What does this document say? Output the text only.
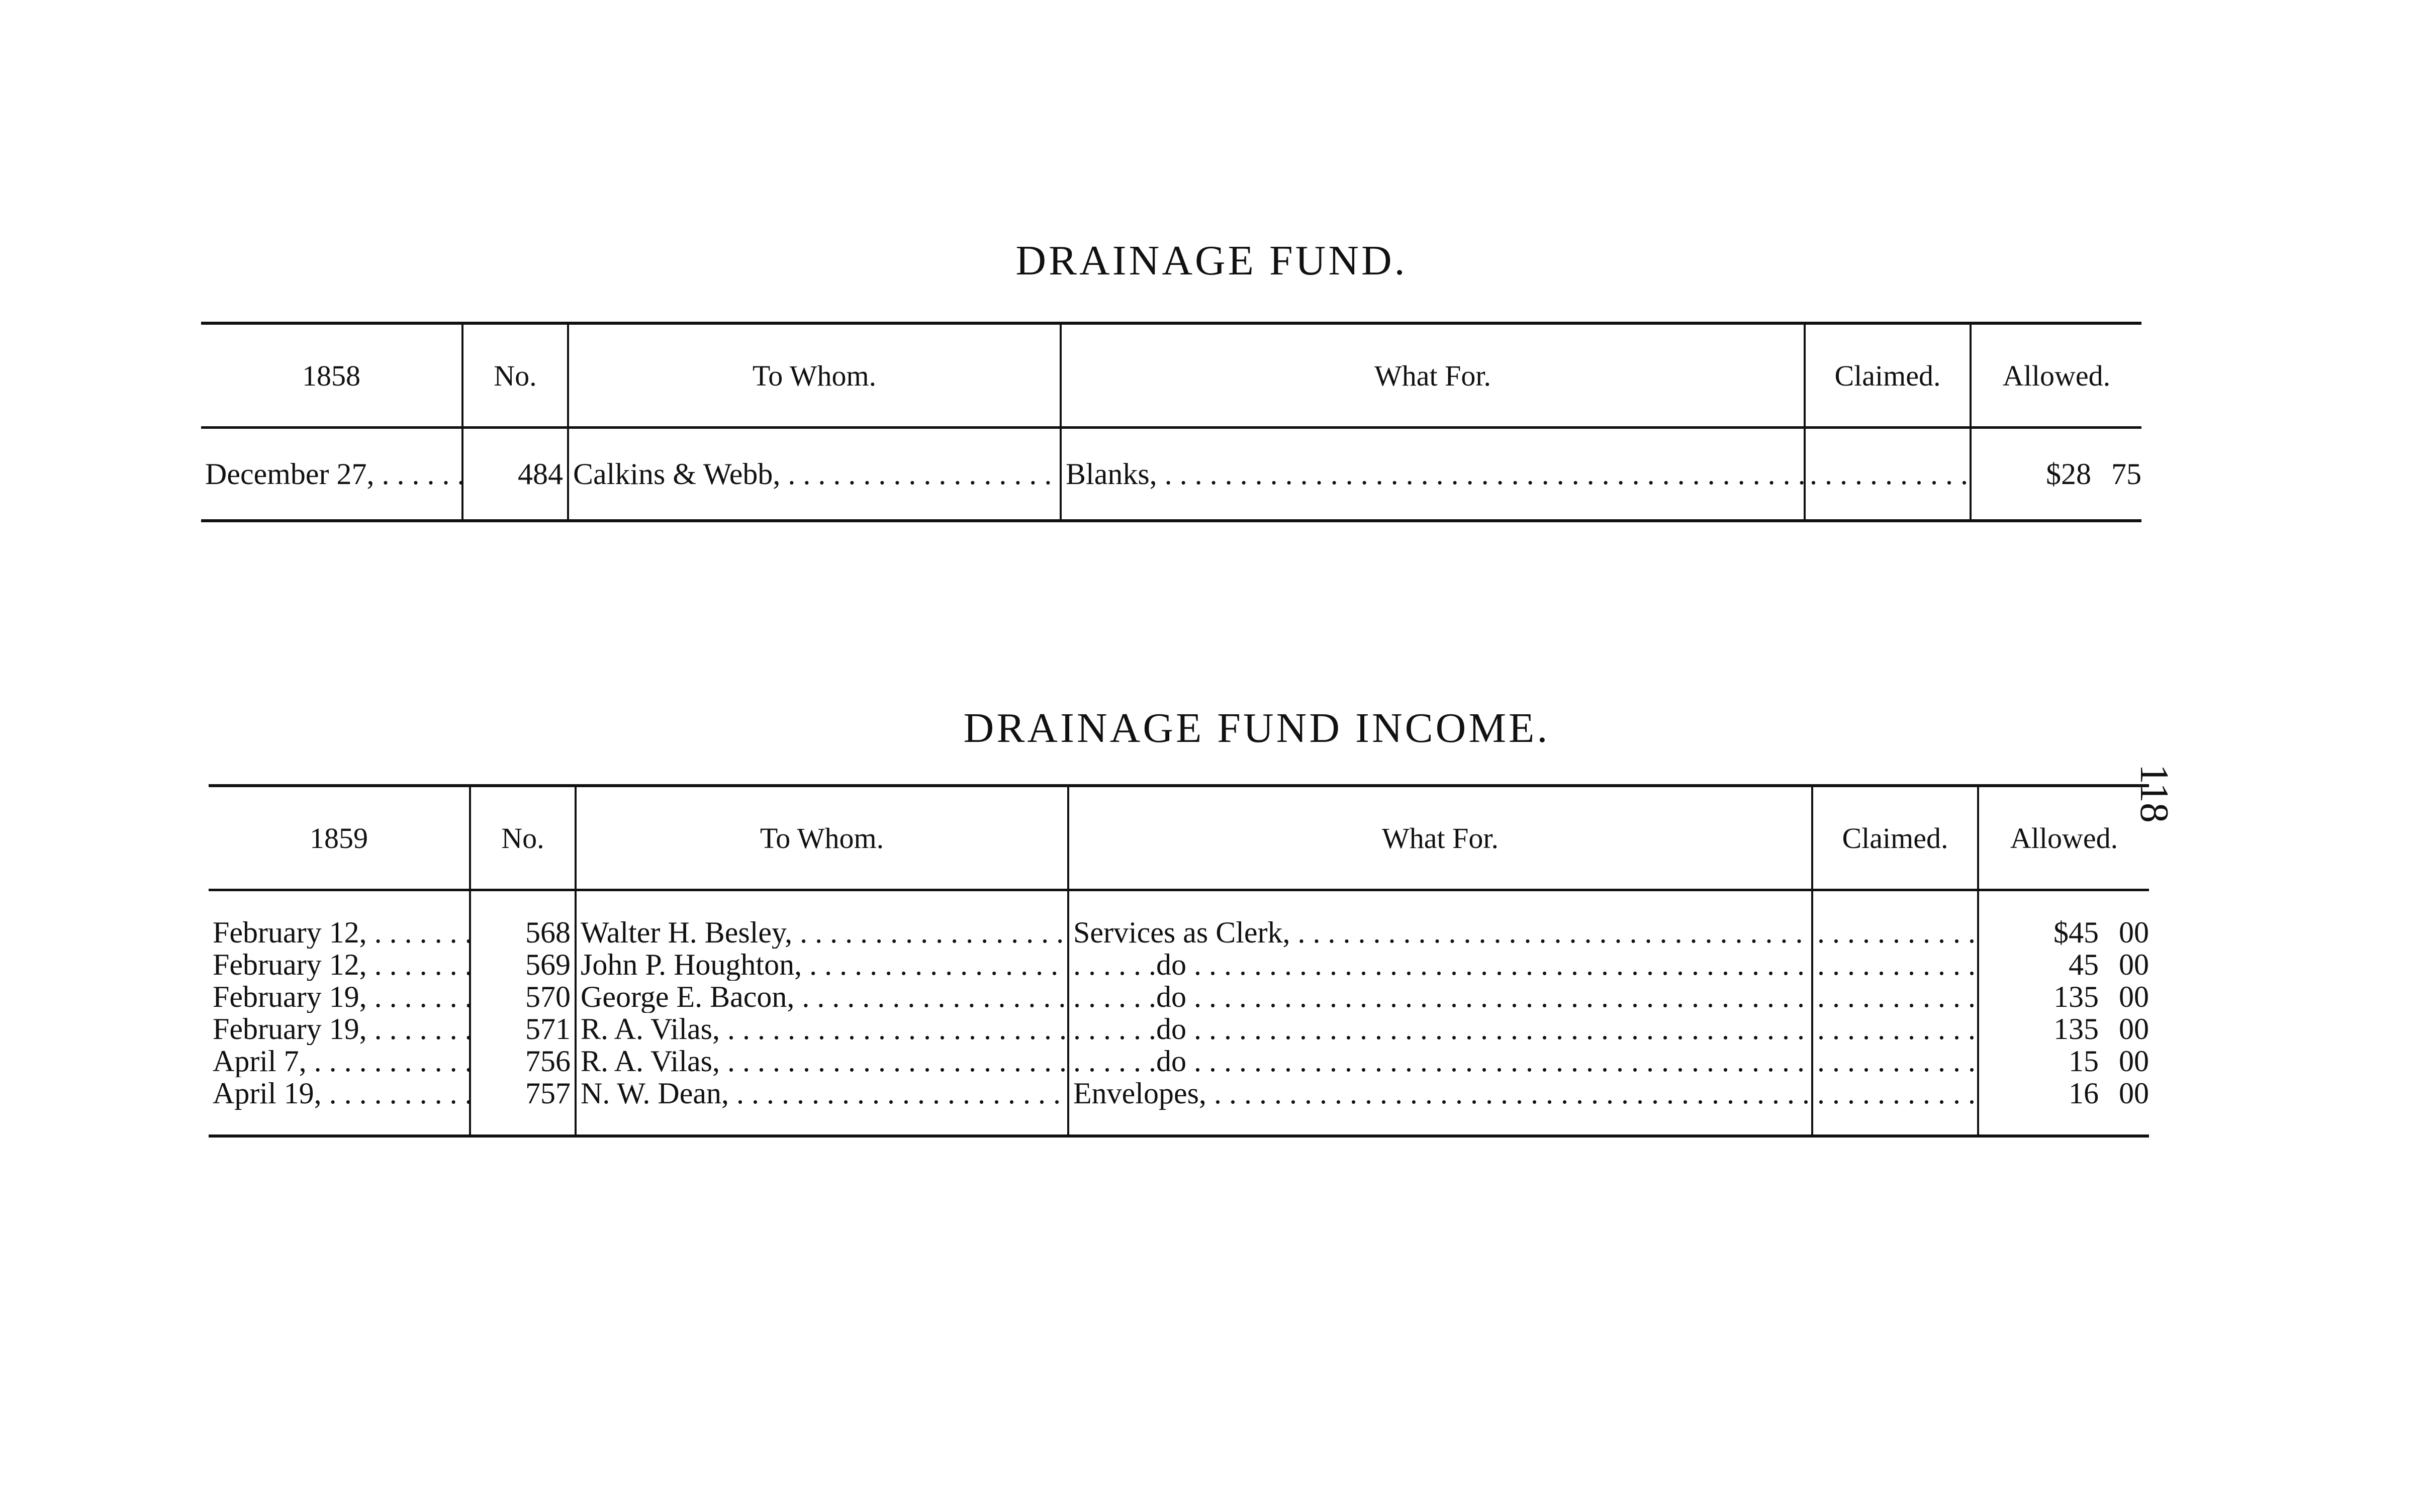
DRAINAGE FUND.
1858	No.	To Whom.	What For.	Claimed.	Allowed.
December 27, . . .	484	Calkins & Webb, . . .	Blanks, . . .	. . .	$28 75
DRAINAGE FUND INCOME.
1859	No.	To Whom.	What For.	Claimed.	Allowed.
February 12, . . .	568	Walter H. Besley, . . .	Services as Clerk, . . .	. . .	$45 00
February 12, . . .	569	John P. Houghton, . . .	. . . . . .do . . .	. . .	45 00
February 19, . . .	570	George E. Bacon, . . .	. . . . . .do . . .	. . .	135 00
February 19, . . .	571	R. A. Vilas, . . .	. . . . . .do . . .	. . .	135 00
April 7, . . .	756	R. A. Vilas, . . .	. . . . . .do . . .	. . .	15 00
April 19, . . .	757	N. W. Dean, . . .	Envelopes, . . .	. . .	16 00
118
